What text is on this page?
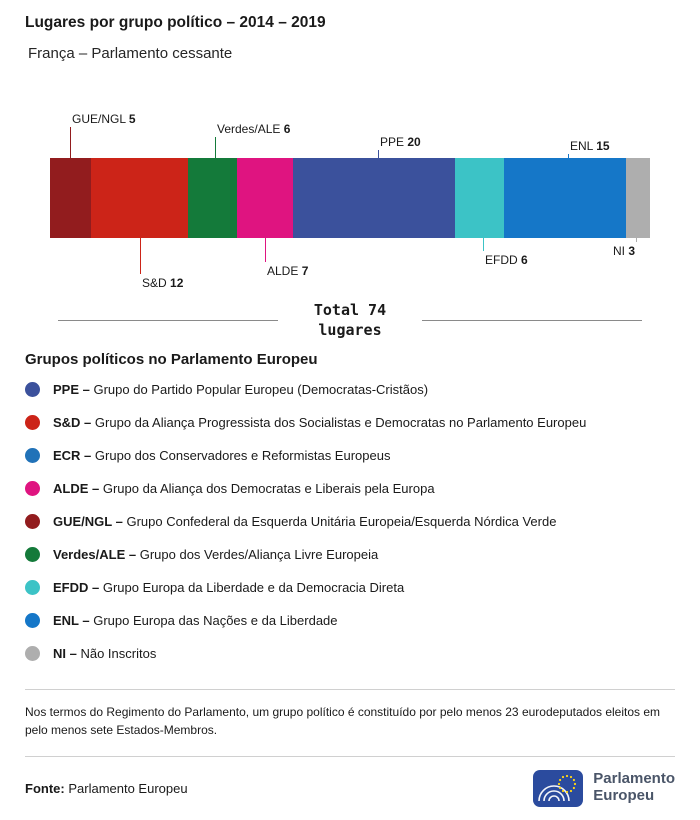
Lugares por grupo político – 2014 – 2019
França – Parlamento cessante
GUE/NGL 5
Verdes/ALE 6
PPE 20	ENL 15
S&D 12
ALDE 7
EFDD 6
NI 3
Total 74
lugares
Grupos políticos no Parlamento Europeu
PPE – Grupo do Partido Popular Europeu (Democratas-Cristãos)
S&D – Grupo da Aliança Progressista dos Socialistas e Democratas no Parlamento Europeu
ECR – Grupo dos Conservadores e Reformistas Europeus
ALDE – Grupo da Aliança dos Democratas e Liberais pela Europa
GUE/NGL – Grupo Confederal da Esquerda Unitária Europeia/Esquerda Nórdica Verde
Verdes/ALE – Grupo dos Verdes/Aliança Livre Europeia
EFDD – Grupo Europa da Liberdade e da Democracia Direta
ENL – Grupo Europa das Nações e da Liberdade
NI – Não Inscritos
Nos termos do Regimento do Parlamento, um grupo político é constituído por pelo menos 23 eurodeputados eleitos em pelo menos sete Estados-Membros.
Fonte: Parlamento Europeu
Parlamento
Europeu
